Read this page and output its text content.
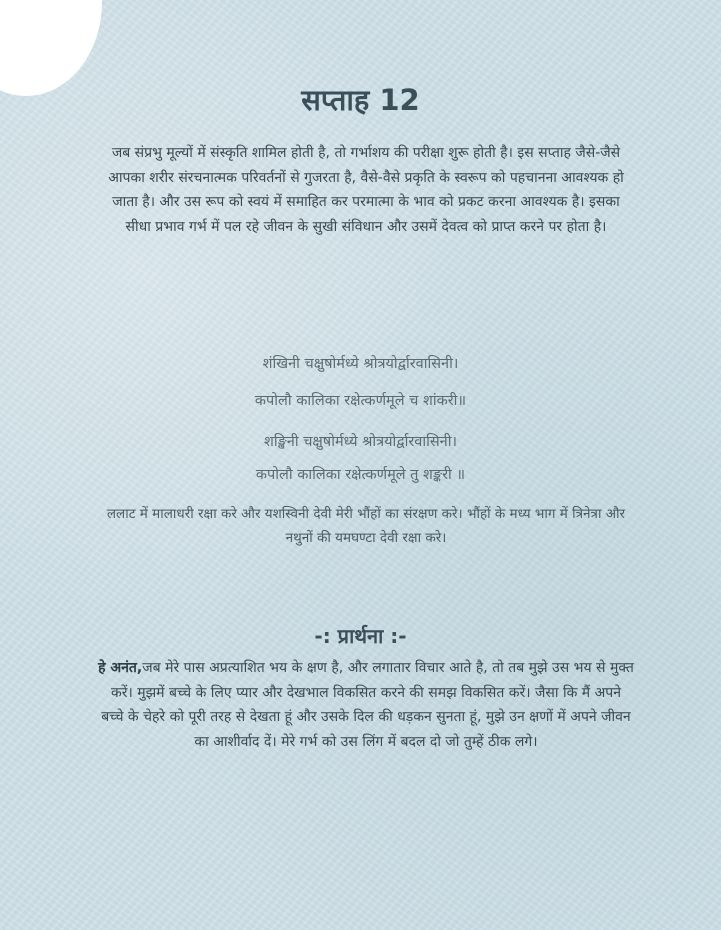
सप्ताह 12

जब संप्रभु मूल्यों में संस्कृति शामिल होती है, तो गर्भाशय की परीक्षा शुरू होती है। इस सप्ताह जैसे-जैसे आपका शरीर संरचनात्मक परिवर्तनों से गुजरता है, वैसे-वैसे प्रकृति के स्वरूप को पहचानना आवश्यक हो जाता है। और उस रूप को स्वयं में समाहित कर परमात्मा के भाव को प्रकट करना आवश्यक है। इसका सीधा प्रभाव गर्भ में पल रहे जीवन के सुखी संविधान और उसमें देवत्व को प्राप्त करने पर होता है।

शंखिनी चक्षुषोर्मध्ये श्रोत्रयोर्द्वारवासिनी।

कपोलौ कालिका रक्षेत्कर्णमूले च शांकरी॥

शङ्खिनी चक्षुषोर्मध्ये श्रोत्रयोर्द्वारवासिनी।

कपोलौ कालिका रक्षेत्कर्णमूले तु शङ्करी ॥

ललाट में मालाधरी रक्षा करे और यशस्विनी देवी मेरी भौंहों का संरक्षण करे। भौंहों के मध्य भाग में त्रिनेत्रा और नथुनों की यमघण्टा देवी रक्षा करे।

-: प्रार्थना :-

हे अनंत,जब मेरे पास अप्रत्याशित भय के क्षण है, और लगातार विचार आते है, तो तब मुझे उस भय से मुक्त करें। मुझमें बच्चे के लिए प्यार और देखभाल विकसित करने की समझ विकसित करें। जैसा कि मैं अपने बच्चे के चेहरे को पूरी तरह से देखता हूं और उसके दिल की धड़कन सुनता हूं, मुझे उन क्षणों में अपने जीवन का आशीर्वाद दें। मेरे गर्भ को उस लिंग में बदल दो जो तुम्हें ठीक लगे।
